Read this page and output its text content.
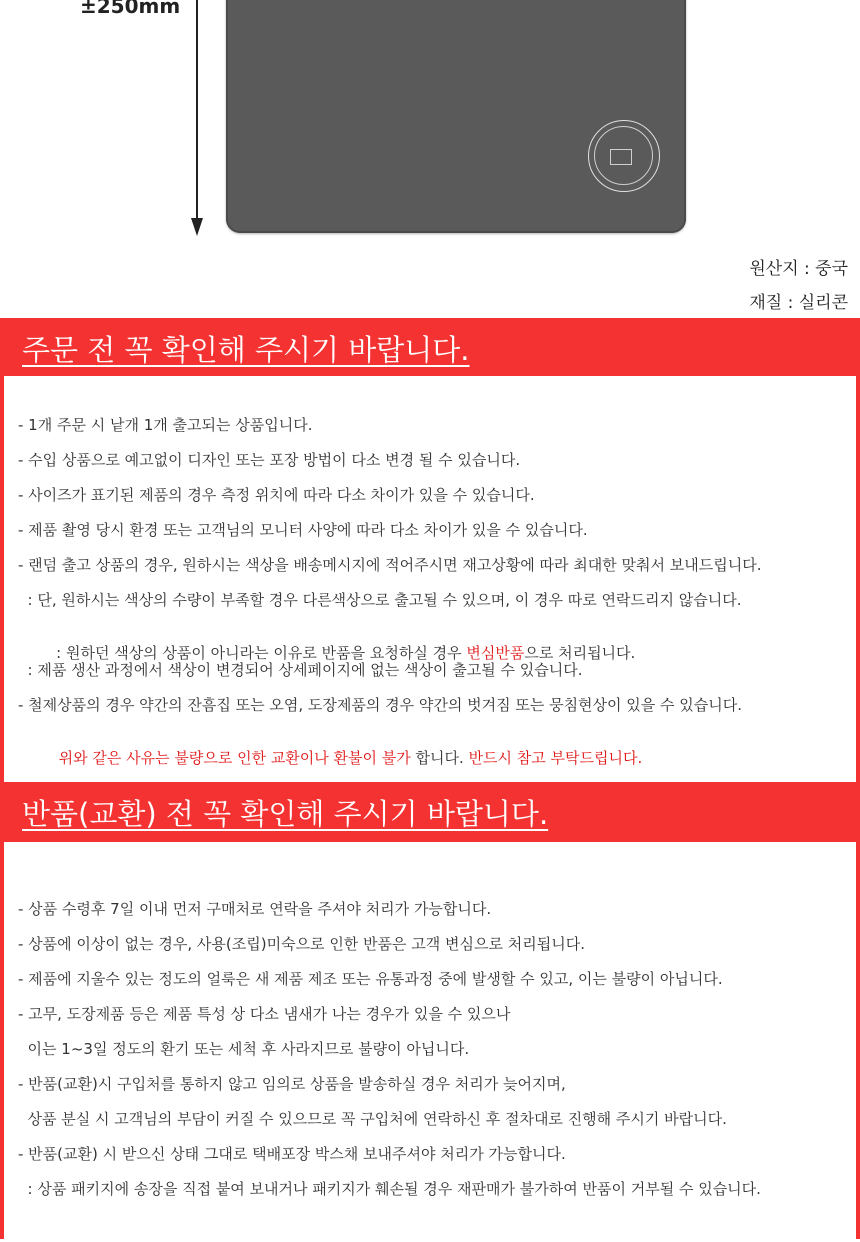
±250mm
원산지 : 중국
재질 : 실리콘
주문 전 꼭 확인해 주시기 바랍니다.
- 1개 주문 시 낱개 1개 출고되는 상품입니다.
- 수입 상품으로 예고없이 디자인 또는 포장 방법이 다소 변경 될 수 있습니다.
- 사이즈가 표기된 제품의 경우 측정 위치에 따라 다소 차이가 있을 수 있습니다.
- 제품 촬영 당시 환경 또는 고객님의 모니터 사양에 따라 다소 차이가 있을 수 있습니다.
- 랜덤 출고 상품의 경우, 원하시는 색상을 배송메시지에 적어주시면 재고상황에 따라 최대한 맞춰서 보내드립니다.
: 단, 원하시는 색상의 수량이 부족할 경우 다른색상으로 출고될 수 있으며, 이 경우 따로 연락드리지 않습니다.

: 원하던 색상의 상품이 아니라는 이유로 반품을 요청하실 경우 변심반품으로 처리됩니다.

: 제품 생산 과정에서 색상이 변경되어 상세페이지에 없는 색상이 출고될 수 있습니다.
- 철제상품의 경우 약간의 잔흠집 또는 오염, 도장제품의 경우 약간의 벗겨짐 또는 뭉침현상이 있을 수 있습니다.

위와 같은 사유는 불량으로 인한 교환이나 환불이 불가 합니다. 반드시 참고 부탁드립니다.

반품(교환) 전 꼭 확인해 주시기 바랍니다.
- 상품 수령후 7일 이내 먼저 구매처로 연락을 주셔야 처리가 가능합니다.
- 상품에 이상이 없는 경우, 사용(조립)미숙으로 인한 반품은 고객 변심으로 처리됩니다.
- 제품에 지울수 있는 정도의 얼룩은 새 제품 제조 또는 유통과정 중에 발생할 수 있고, 이는 불량이 아닙니다.
- 고무, 도장제품 등은 제품 특성 상 다소 냄새가 나는 경우가 있을 수 있으나
이는 1~3일 정도의 환기 또는 세척 후 사라지므로 불량이 아닙니다.
- 반품(교환)시 구입처를 통하지 않고 임의로 상품을 발송하실 경우 처리가 늦어지며,
상품 분실 시 고객님의 부담이 커질 수 있으므로 꼭 구입처에 연락하신 후 절차대로 진행해 주시기 바랍니다.
- 반품(교환) 시 받으신 상태 그대로 택배포장 박스채 보내주셔야 처리가 가능합니다.
: 상품 패키지에 송장을 직접 붙여 보내거나 패키지가 훼손될 경우 재판매가 불가하여 반품이 거부될 수 있습니다.
